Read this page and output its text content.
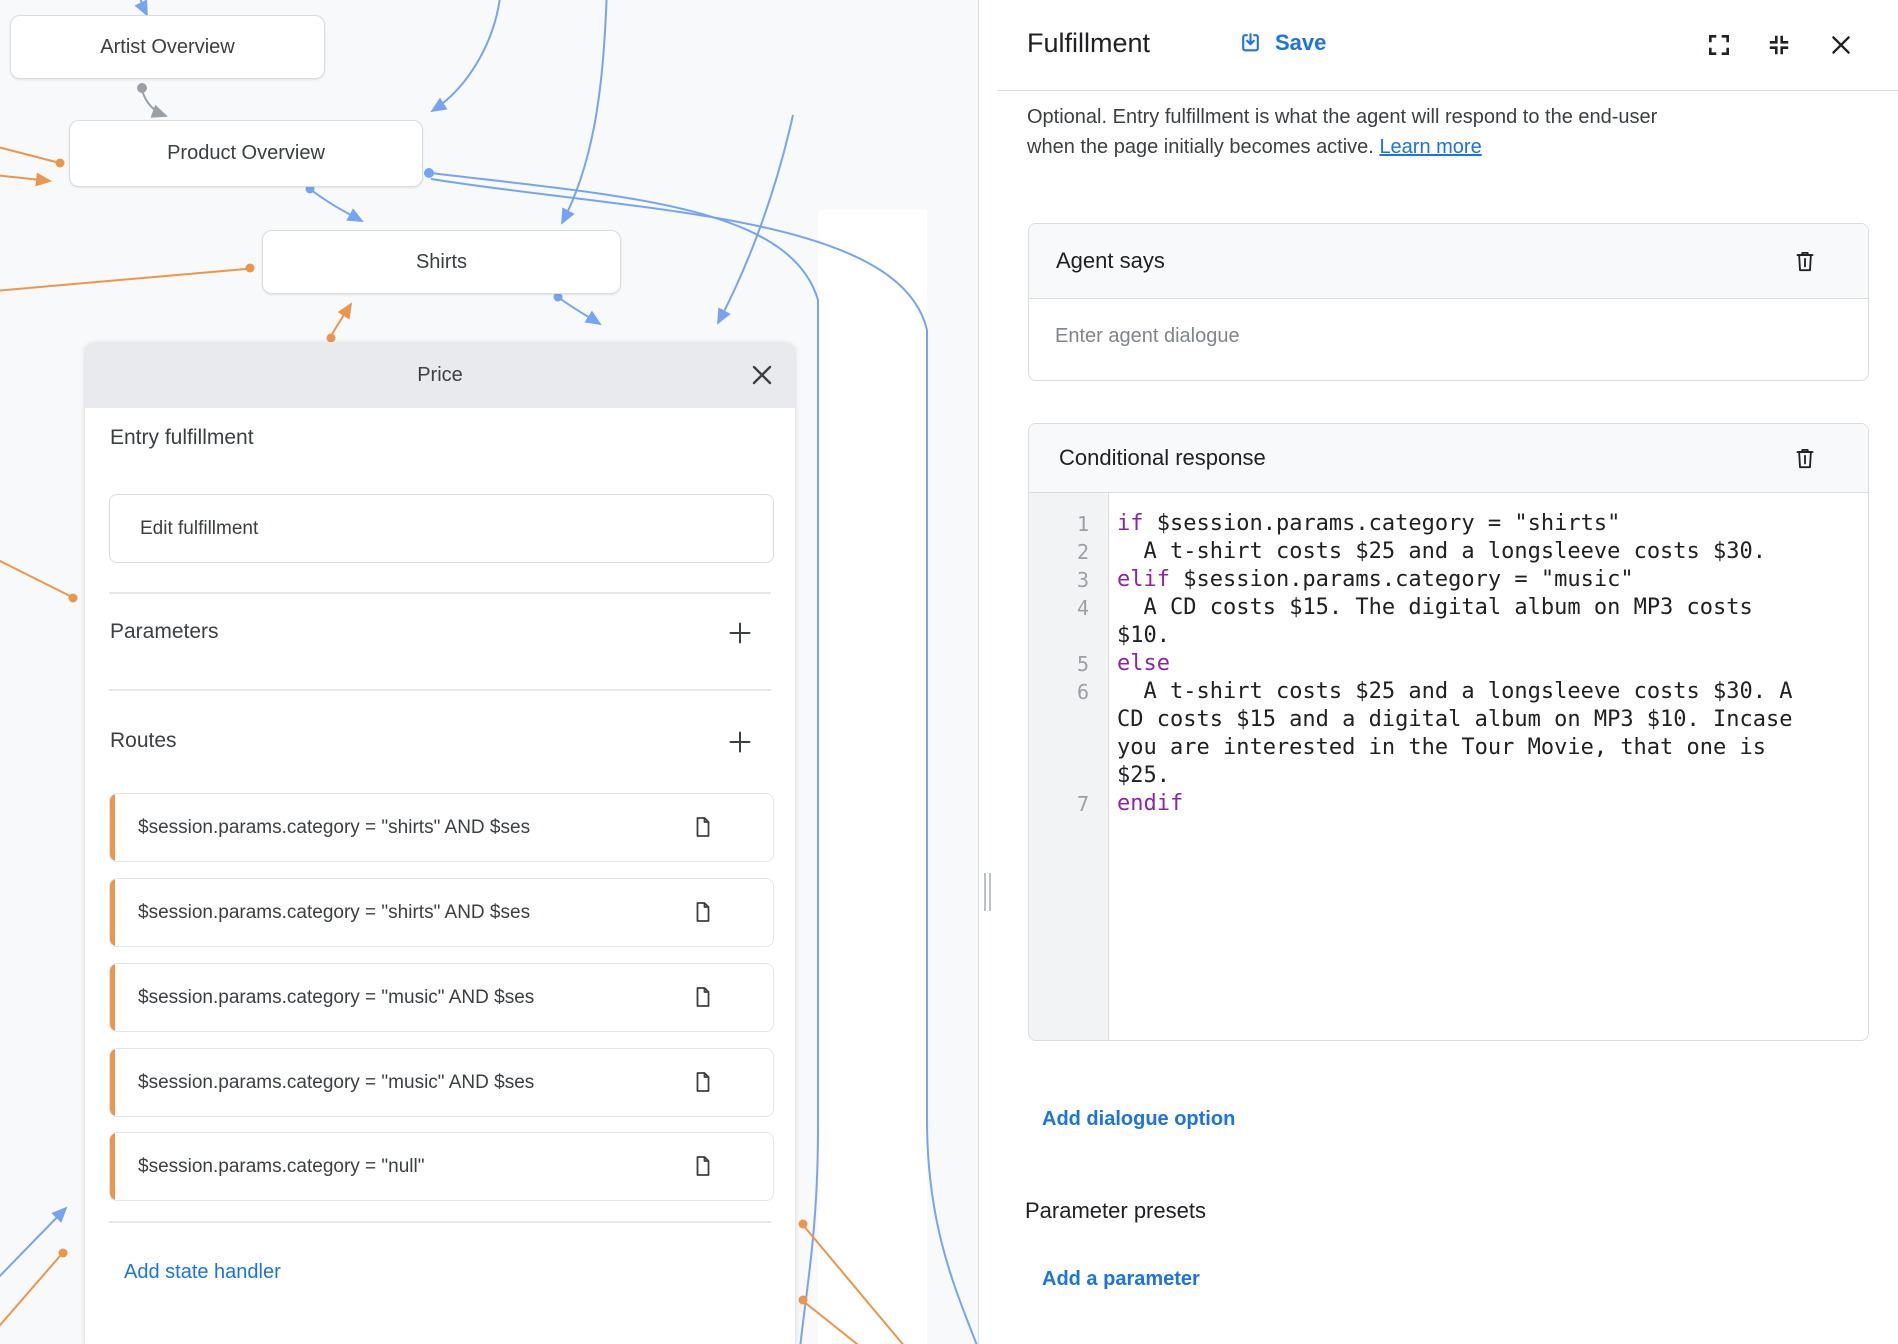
Artist Overview
Product Overview
Shirts
Price
Entry fulfillment
Edit fulfillment
Parameters
Routes
$session.params.category = "shirts" AND $ses
$session.params.category = "shirts" AND $ses
$session.params.category = "music" AND $ses
$session.params.category = "music" AND $ses
$session.params.category = "null"
Add state handler
Fulfillment	Save
Optional. Entry fulfillment is what the agent will respond to the end-user
when the page initially becomes active. Learn more
Agent says
Enter agent dialogue
Conditional response
1	if $session.params.category = "shirts"
2	A t-shirt costs $25 and a longsleeve costs $30.
3	elif $session.params.category = "music"
4	A CD costs $15. The digital album on MP3 costs $10.
5	else
6	A t-shirt costs $25 and a longsleeve costs $30. A CD costs $15 and a digital album on MP3 $10. Incase you are interested in the Tour Movie, that one is $25.
7	endif
Add dialogue option
Parameter presets
Add a parameter
